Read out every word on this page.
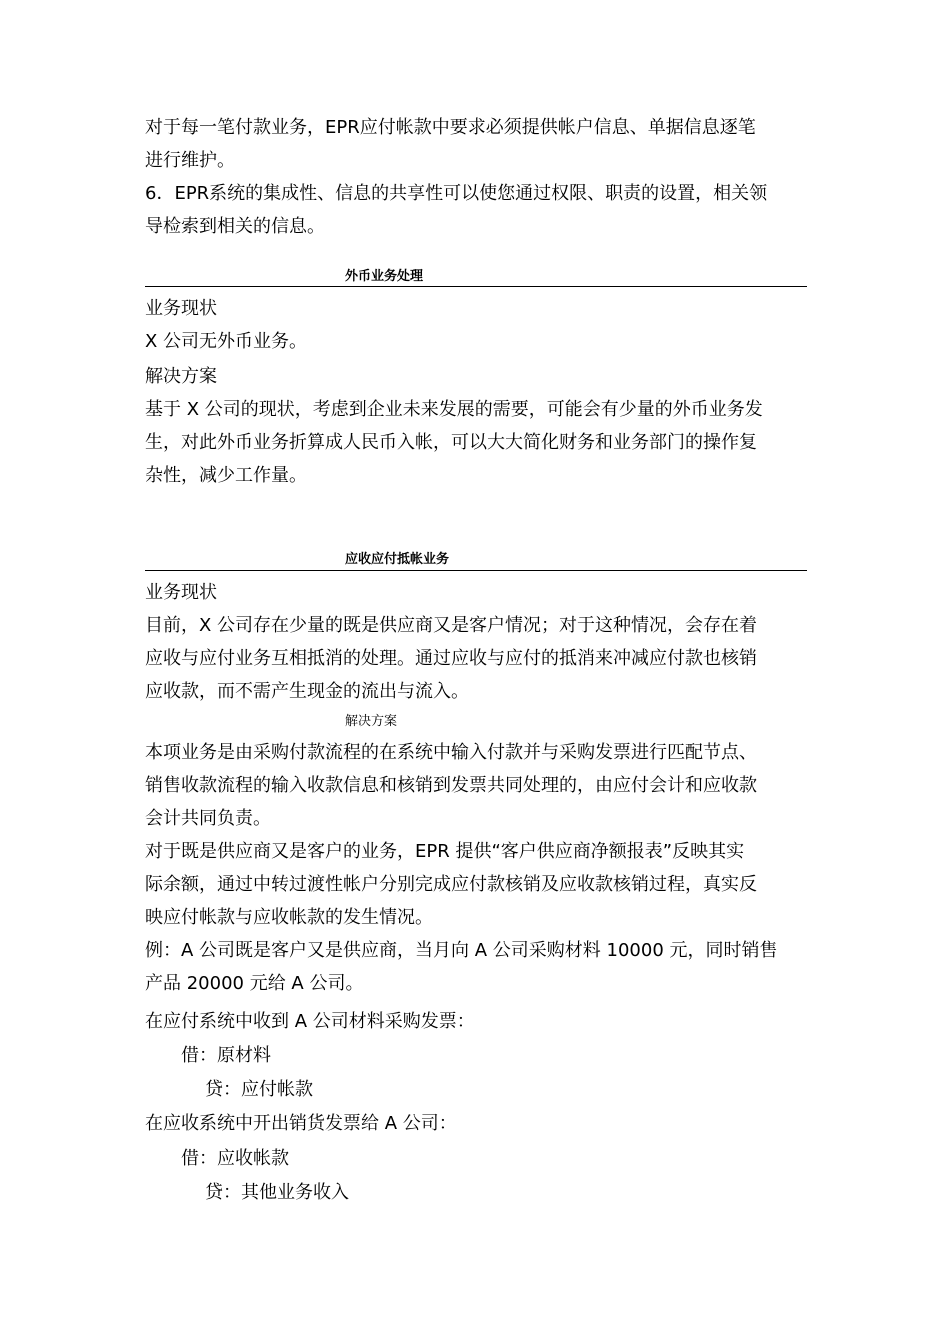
对于每一笔付款业务，EPR应付帐款中要求必须提供帐户信息、单据信息逐笔
进行维护。
6．EPR系统的集成性、信息的共享性可以使您通过权限、职责的设置，相关领
导检索到相关的信息。
外币业务处理
业务现状
X 公司无外币业务。
解决方案
基于 X 公司的现状，考虑到企业未来发展的需要，可能会有少量的外币业务发
生，对此外币业务折算成人民币入帐，可以大大简化财务和业务部门的操作复
杂性，减少工作量。
应收应付抵帐业务
业务现状
目前，X 公司存在少量的既是供应商又是客户情况；对于这种情况，会存在着
应收与应付业务互相抵消的处理。通过应收与应付的抵消来冲减应付款也核销
应收款，而不需产生现金的流出与流入。
解决方案
本项业务是由采购付款流程的在系统中输入付款并与采购发票进行匹配节点、
销售收款流程的输入收款信息和核销到发票共同处理的，由应付会计和应收款
会计共同负责。
对于既是供应商又是客户的业务，EPR 提供“客户供应商净额报表”反映其实
际余额，通过中转过渡性帐户分别完成应付款核销及应收款核销过程，真实反
映应付帐款与应收帐款的发生情况。
例：A 公司既是客户又是供应商，当月向 A 公司采购材料 10000 元，同时销售
产品 20000 元给 A 公司。
在应付系统中收到 A 公司材料采购发票：
借：原材料
贷：应付帐款
在应收系统中开出销货发票给 A 公司：
借：应收帐款
贷：其他业务收入
